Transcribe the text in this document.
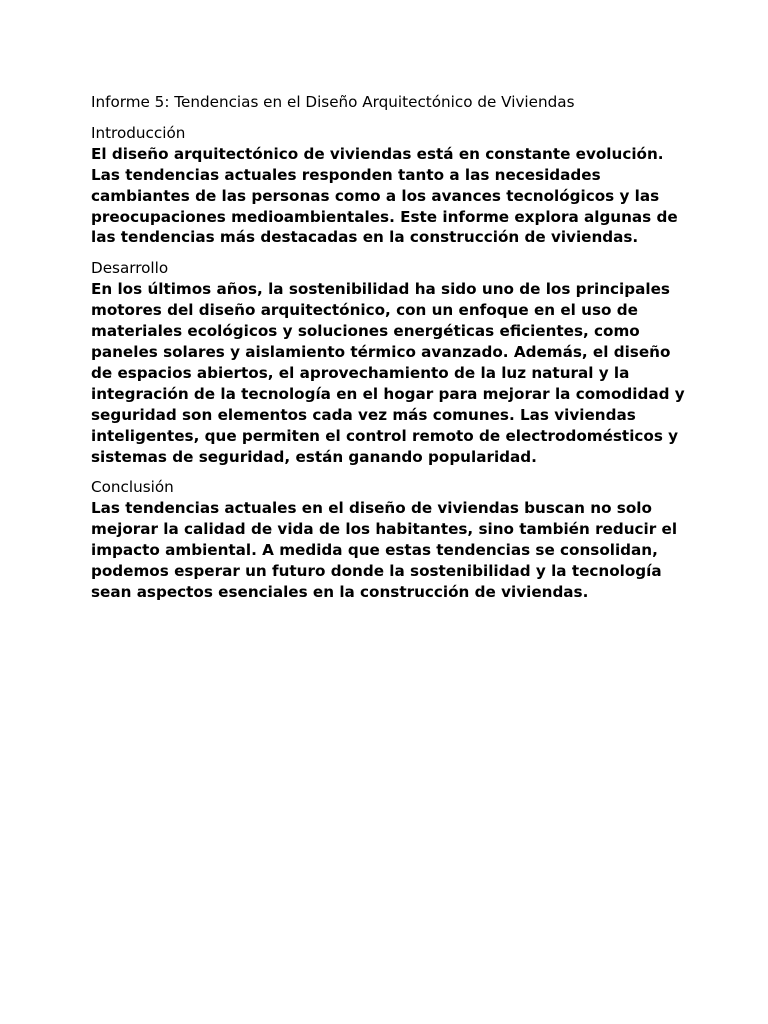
Informe 5: Tendencias en el Diseño Arquitectónico de Viviendas
Introducción

El diseño arquitectónico de viviendas está en constante evolución. Las tendencias actuales responden tanto a las necesidades cambiantes de las personas como a los avances tecnológicos y las preocupaciones medioambientales. Este informe explora algunas de las tendencias más destacadas en la construcción de viviendas.

Desarrollo

En los últimos años, la sostenibilidad ha sido uno de los principales motores del diseño arquitectónico, con un enfoque en el uso de materiales ecológicos y soluciones energéticas eficientes, como paneles solares y aislamiento térmico avanzado. Además, el diseño de espacios abiertos, el aprovechamiento de la luz natural y la integración de la tecnología en el hogar para mejorar la comodidad y seguridad son elementos cada vez más comunes. Las viviendas inteligentes, que permiten el control remoto de electrodomésticos y sistemas de seguridad, están ganando popularidad.

Conclusión

Las tendencias actuales en el diseño de viviendas buscan no solo mejorar la calidad de vida de los habitantes, sino también reducir el impacto ambiental. A medida que estas tendencias se consolidan, podemos esperar un futuro donde la sostenibilidad y la tecnología sean aspectos esenciales en la construcción de viviendas.
